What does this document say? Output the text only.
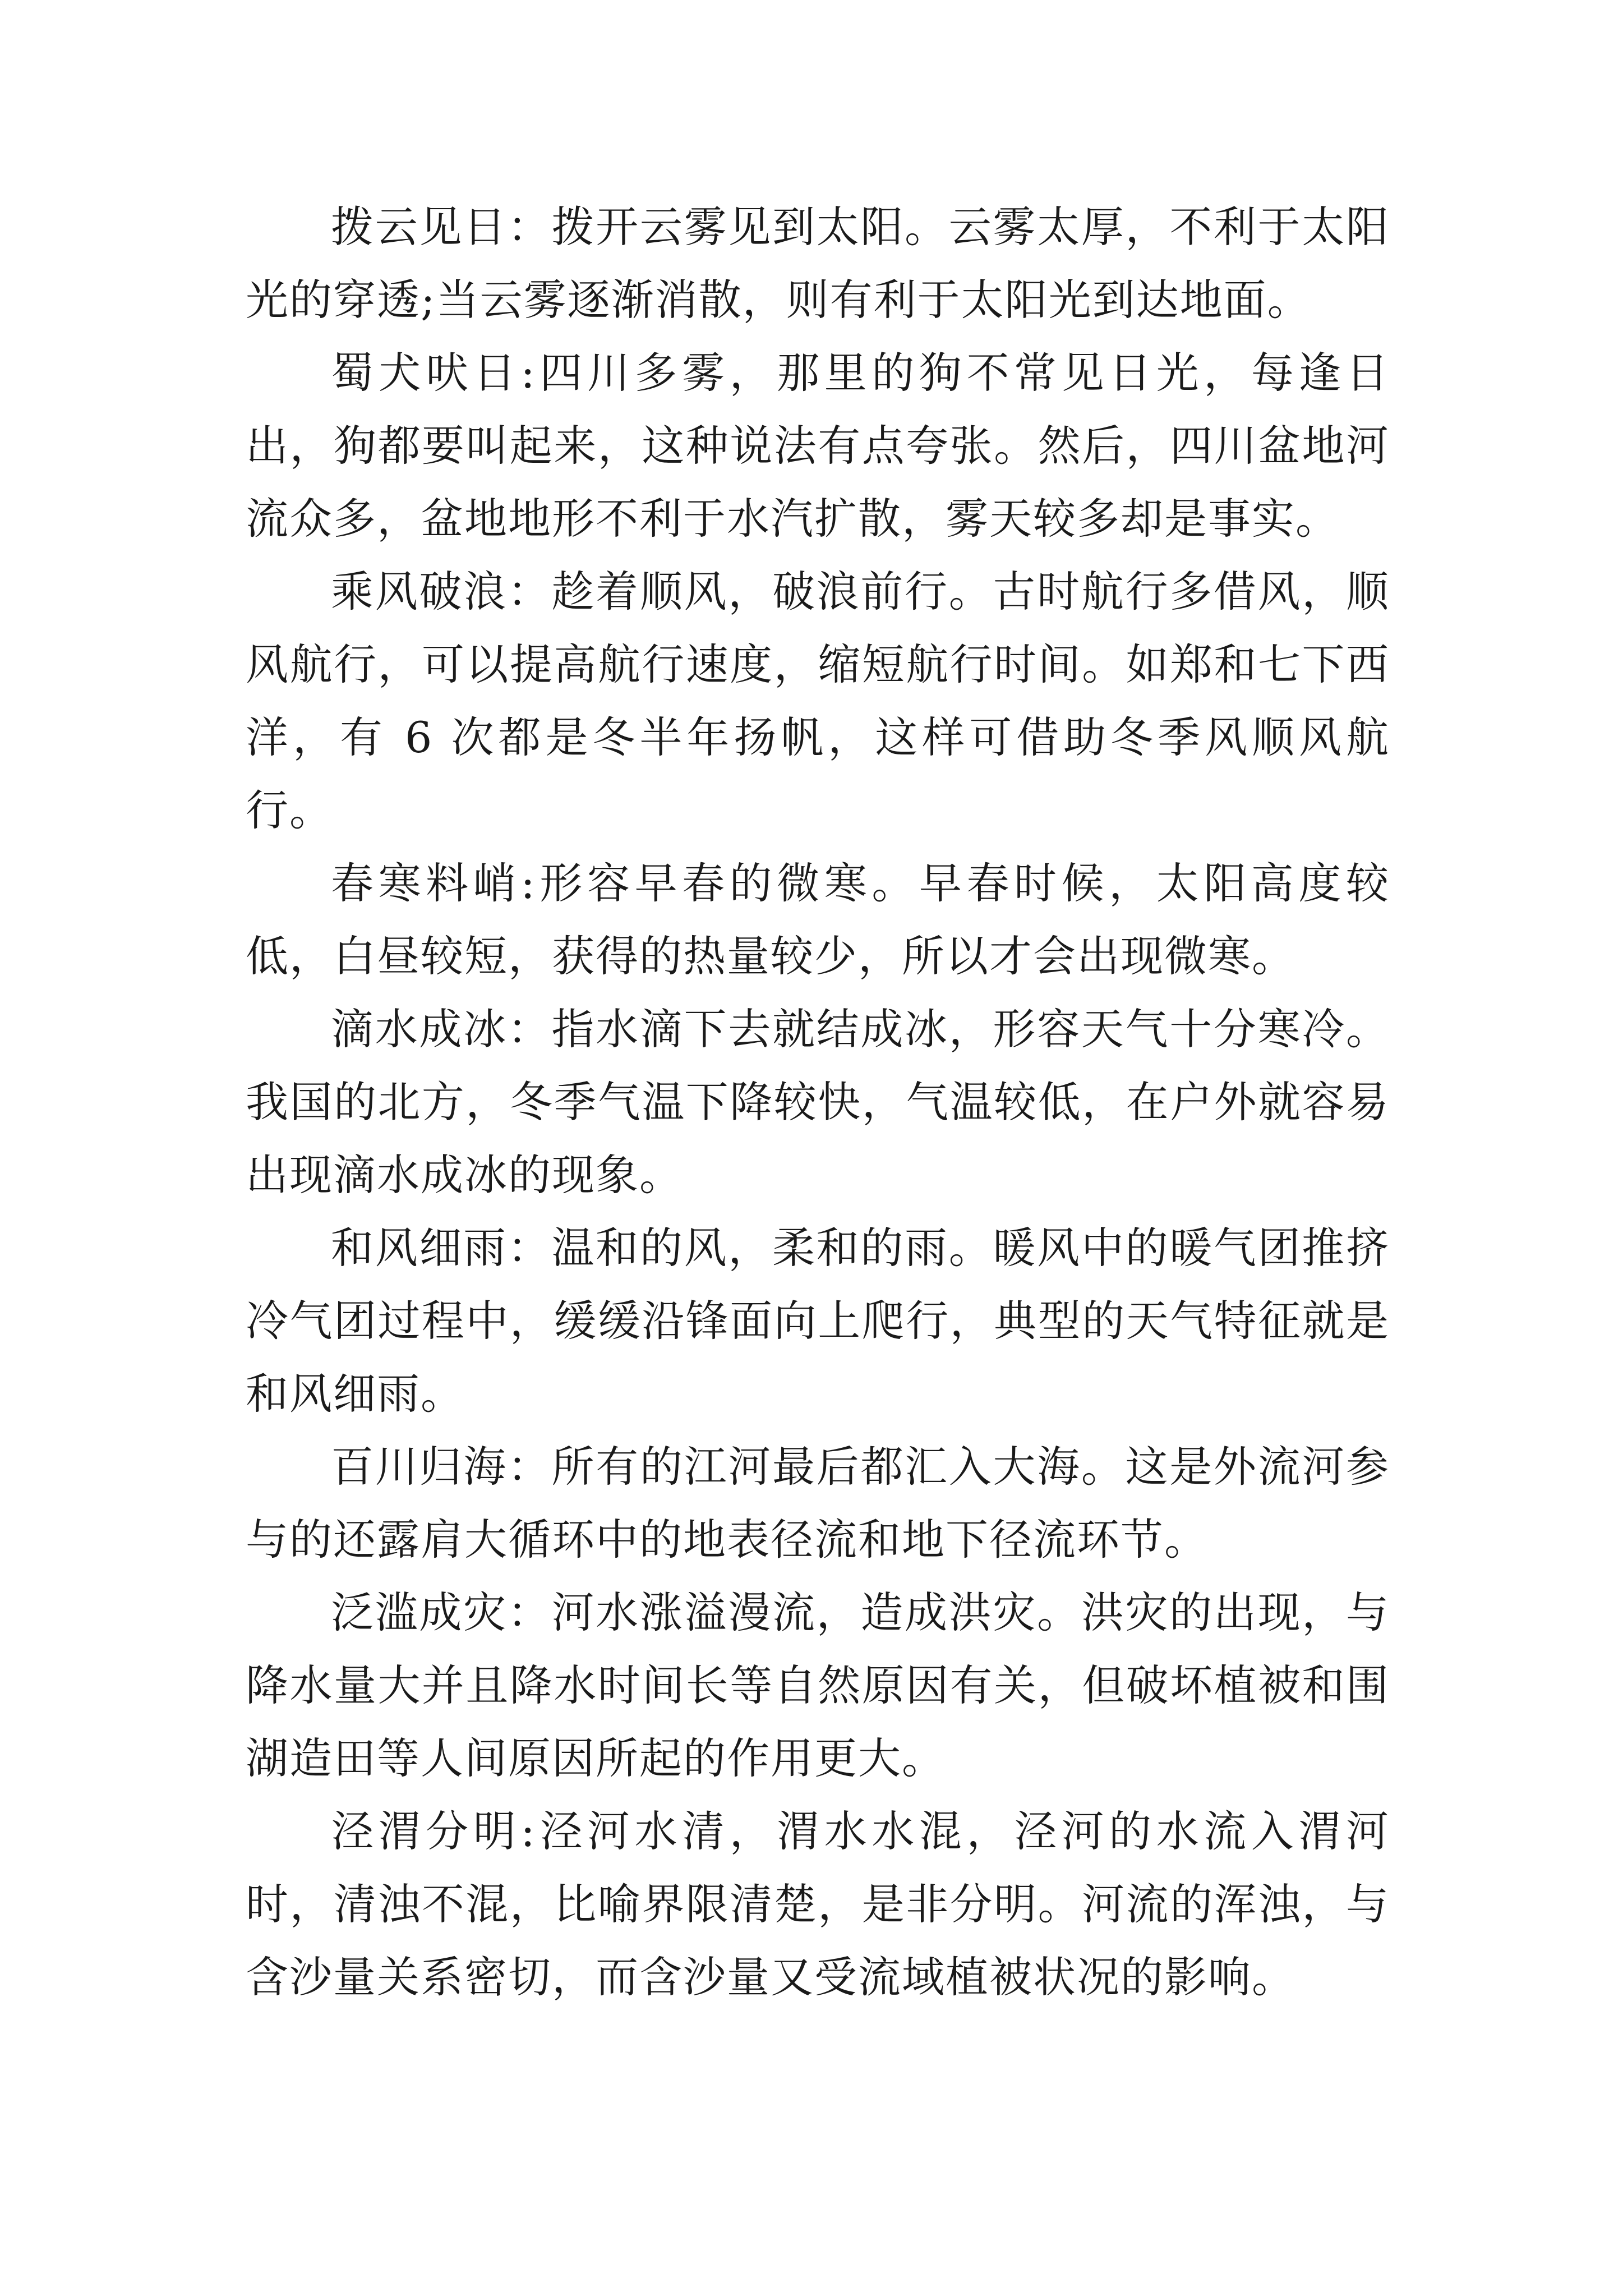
拨云见日：拨开云雾见到太阳。云雾太厚，不利于太阳光的穿透;当云雾逐渐消散，则有利于太阳光到达地面。

蜀犬吠日:四川多雾，那里的狗不常见日光，每逢日出，狗都要叫起来，这种说法有点夸张。然后，四川盆地河流众多，盆地地形不利于水汽扩散，雾天较多却是事实。

乘风破浪：趁着顺风，破浪前行。古时航行多借风，顺风航行，可以提高航行速度，缩短航行时间。如郑和七下西洋，有 6 次都是冬半年扬帆，这样可借助冬季风顺风航行。

春寒料峭:形容早春的微寒。早春时候，太阳高度较低，白昼较短，获得的热量较少，所以才会出现微寒。

滴水成冰：指水滴下去就结成冰，形容天气十分寒冷。我国的北方，冬季气温下降较快，气温较低，在户外就容易出现滴水成冰的现象。

和风细雨：温和的风，柔和的雨。暖风中的暖气团推挤冷气团过程中，缓缓沿锋面向上爬行，典型的天气特征就是和风细雨。

百川归海：所有的江河最后都汇入大海。这是外流河参与的还露肩大循环中的地表径流和地下径流环节。

泛滥成灾：河水涨溢漫流，造成洪灾。洪灾的出现，与降水量大并且降水时间长等自然原因有关，但破坏植被和围湖造田等人间原因所起的作用更大。

泾渭分明:泾河水清，渭水水混，泾河的水流入渭河时，清浊不混，比喻界限清楚，是非分明。河流的浑浊，与含沙量关系密切，而含沙量又受流域植被状况的影响。
